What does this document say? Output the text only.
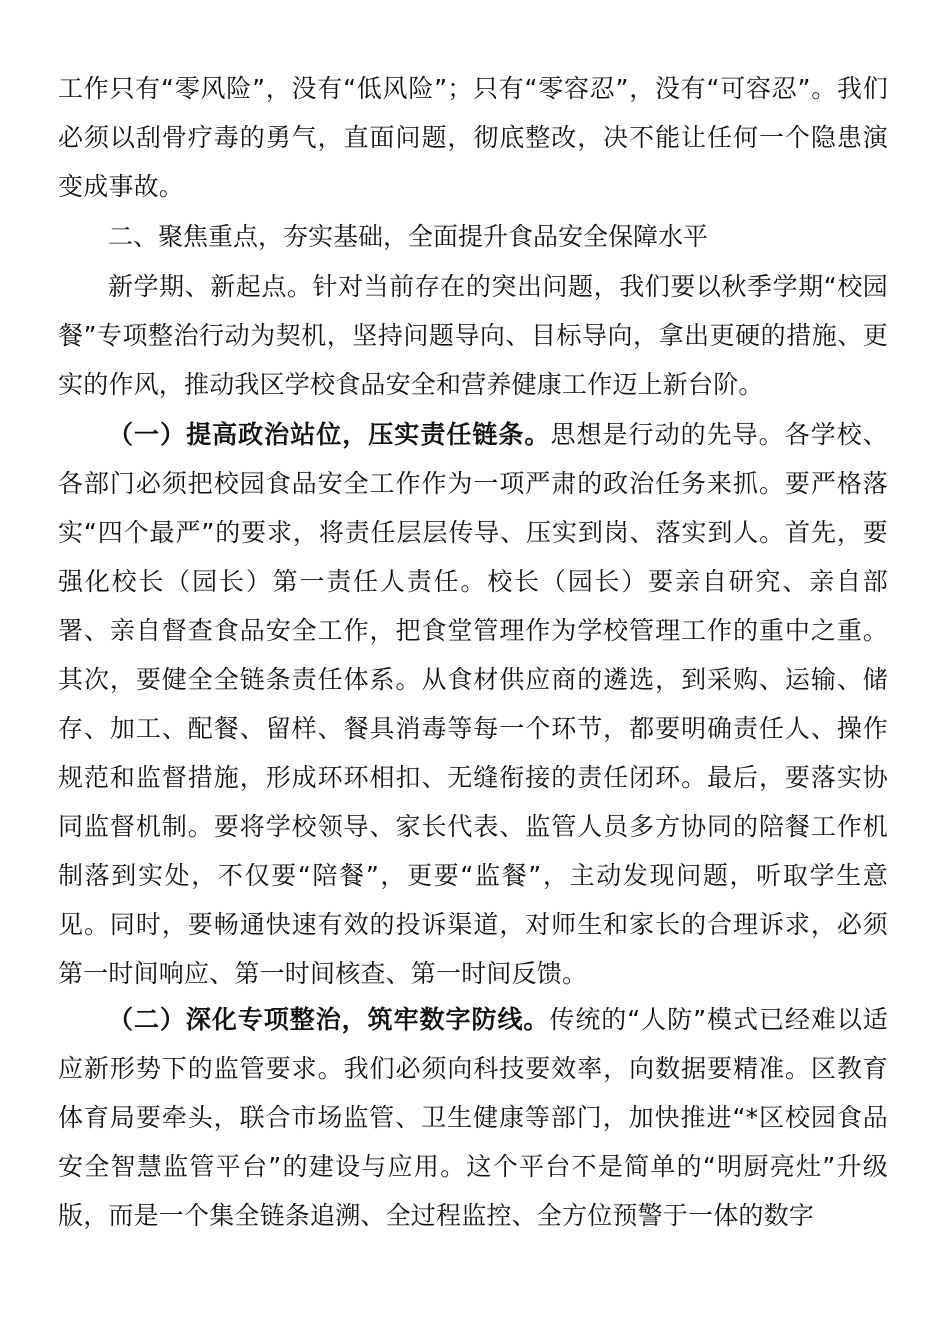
工作只有“零风险”，没有“低风险”；只有“零容忍”，没有“可容忍”。我们必须以刮骨疗毒的勇气，直面问题，彻底整改，决不能让任何一个隐患演变成事故。

二、聚焦重点，夯实基础，全面提升食品安全保障水平

新学期、新起点。针对当前存在的突出问题，我们要以秋季学期“校园餐”专项整治行动为契机，坚持问题导向、目标导向，拿出更硬的措施、更实的作风，推动我区学校食品安全和营养健康工作迈上新台阶。

（一）提高政治站位，压实责任链条。思想是行动的先导。各学校、各部门必须把校园食品安全工作作为一项严肃的政治任务来抓。要严格落实“四个最严”的要求，将责任层层传导、压实到岗、落实到人。首先，要强化校长（园长）第一责任人责任。校长（园长）要亲自研究、亲自部署、亲自督查食品安全工作，把食堂管理作为学校管理工作的重中之重。其次，要健全全链条责任体系。从食材供应商的遴选，到采购、运输、储存、加工、配餐、留样、餐具消毒等每一个环节，都要明确责任人、操作规范和监督措施，形成环环相扣、无缝衔接的责任闭环。最后，要落实协同监督机制。要将学校领导、家长代表、监管人员多方协同的陪餐工作机制落到实处，不仅要“陪餐”，更要“监餐”，主动发现问题，听取学生意见。同时，要畅通快速有效的投诉渠道，对师生和家长的合理诉求，必须第一时间响应、第一时间核查、第一时间反馈。

（二）深化专项整治，筑牢数字防线。传统的“人防”模式已经难以适应新形势下的监管要求。我们必须向科技要效率，向数据要精准。区教育体育局要牵头，联合市场监管、卫生健康等部门，加快推进“*区校园食品安全智慧监管平台”的建设与应用。这个平台不是简单的“明厨亮灶”升级版，而是一个集全链条追溯、全过程监控、全方位预警于一体的数字
